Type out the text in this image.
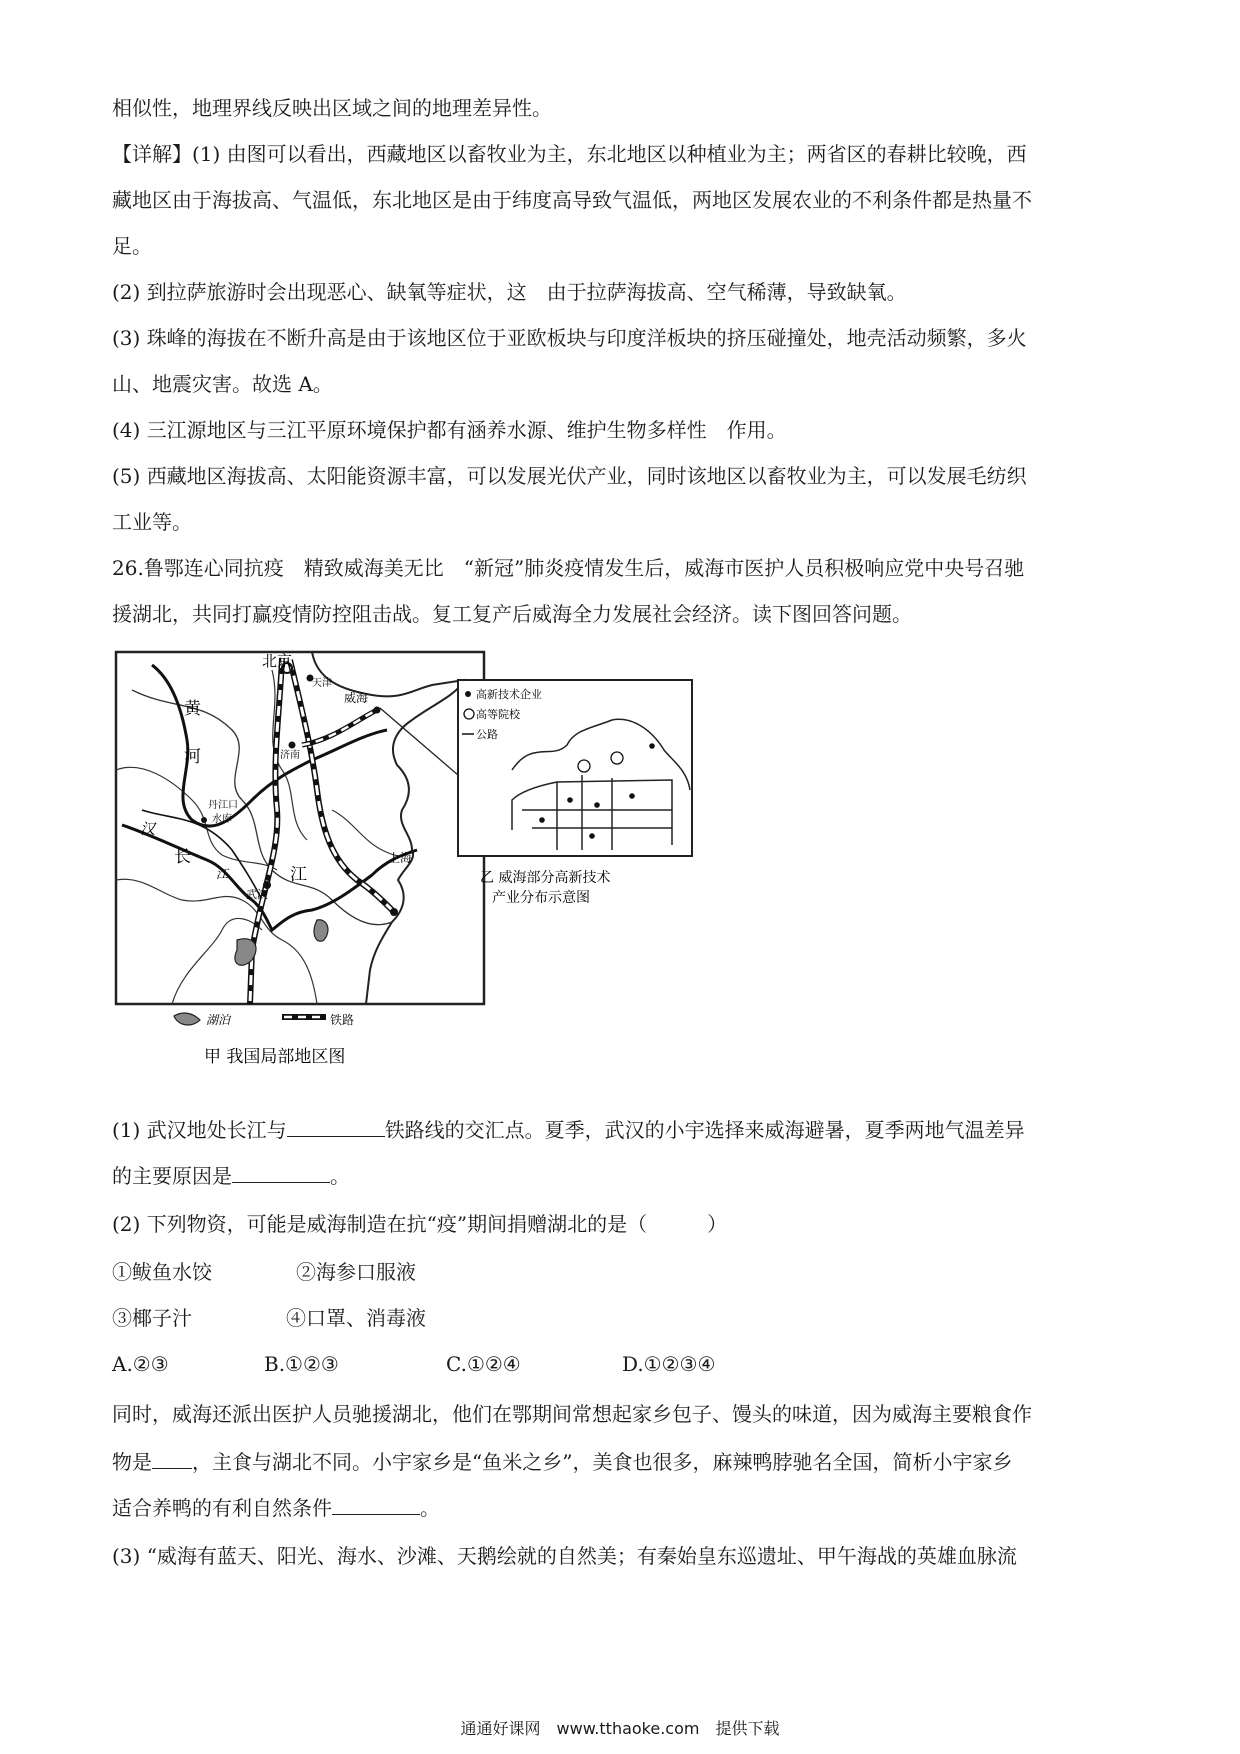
相似性，地理界线反映出区域之间的地理差异性。
【详解】(1) 由图可以看出，西藏地区以畜牧业为主，东北地区以种植业为主；两省区的春耕比较晚，西
藏地区由于海拔高、气温低，东北地区是由于纬度高导致气温低，两地区发展农业的不利条件都是热量不
足。
(2) 到拉萨旅游时会出现恶心、缺氧等症状，这　由于拉萨海拔高、空气稀薄，导致缺氧。
(3) 珠峰的海拔在不断升高是由于该地区位于亚欧板块与印度洋板块的挤压碰撞处，地壳活动频繁，多火
山、地震灾害。故选 A。
(4) 三江源地区与三江平原环境保护都有涵养水源、维护生物多样性　作用。
(5) 西藏地区海拔高、太阳能资源丰富，可以发展光伏产业，同时该地区以畜牧业为主，可以发展毛纺织
工业等。
26.鲁鄂连心同抗疫　精致威海美无比　“新冠”肺炎疫情发生后，威海市医护人员积极响应党中央号召驰
援湖北，共同打赢疫情防控阻击战。复工复产后威海全力发展社会经济。读下图回答问题。
北京
天津
威海
黄
河	济南
丹江口
水库
汉
长
江
武汉
江
上海
湖泊	铁路
甲 我国局部地区图
高新技术企业
高等院校
公路
乙 威海部分高新技术
产业分布示意图
(1) 武汉地处长江与	铁路线的交汇点。夏季，武汉的小宇选择来威海避暑，夏季两地气温差异
的主要原因是	。
(2) 下列物资，可能是威海制造在抗“疫”期间捐赠湖北的是（	）
①鲅鱼水饺	②海参口服液
③椰子汁	④口罩、消毒液
A.②③	B.①②③	C.①②④	D.①②③④
同时，威海还派出医护人员驰援湖北，他们在鄂期间常想起家乡包子、馒头的味道，因为威海主要粮食作
物是 ，主食与湖北不同。小宇家乡是“鱼米之乡”，美食也很多，麻辣鸭脖驰名全国，简析小宇家乡
适合养鸭的有利自然条件	。
(3) “威海有蓝天、阳光、海水、沙滩、天鹅绘就的自然美；有秦始皇东巡遗址、甲午海战的英雄血脉流
通通好课网　www.tthaoke.com　提供下载
